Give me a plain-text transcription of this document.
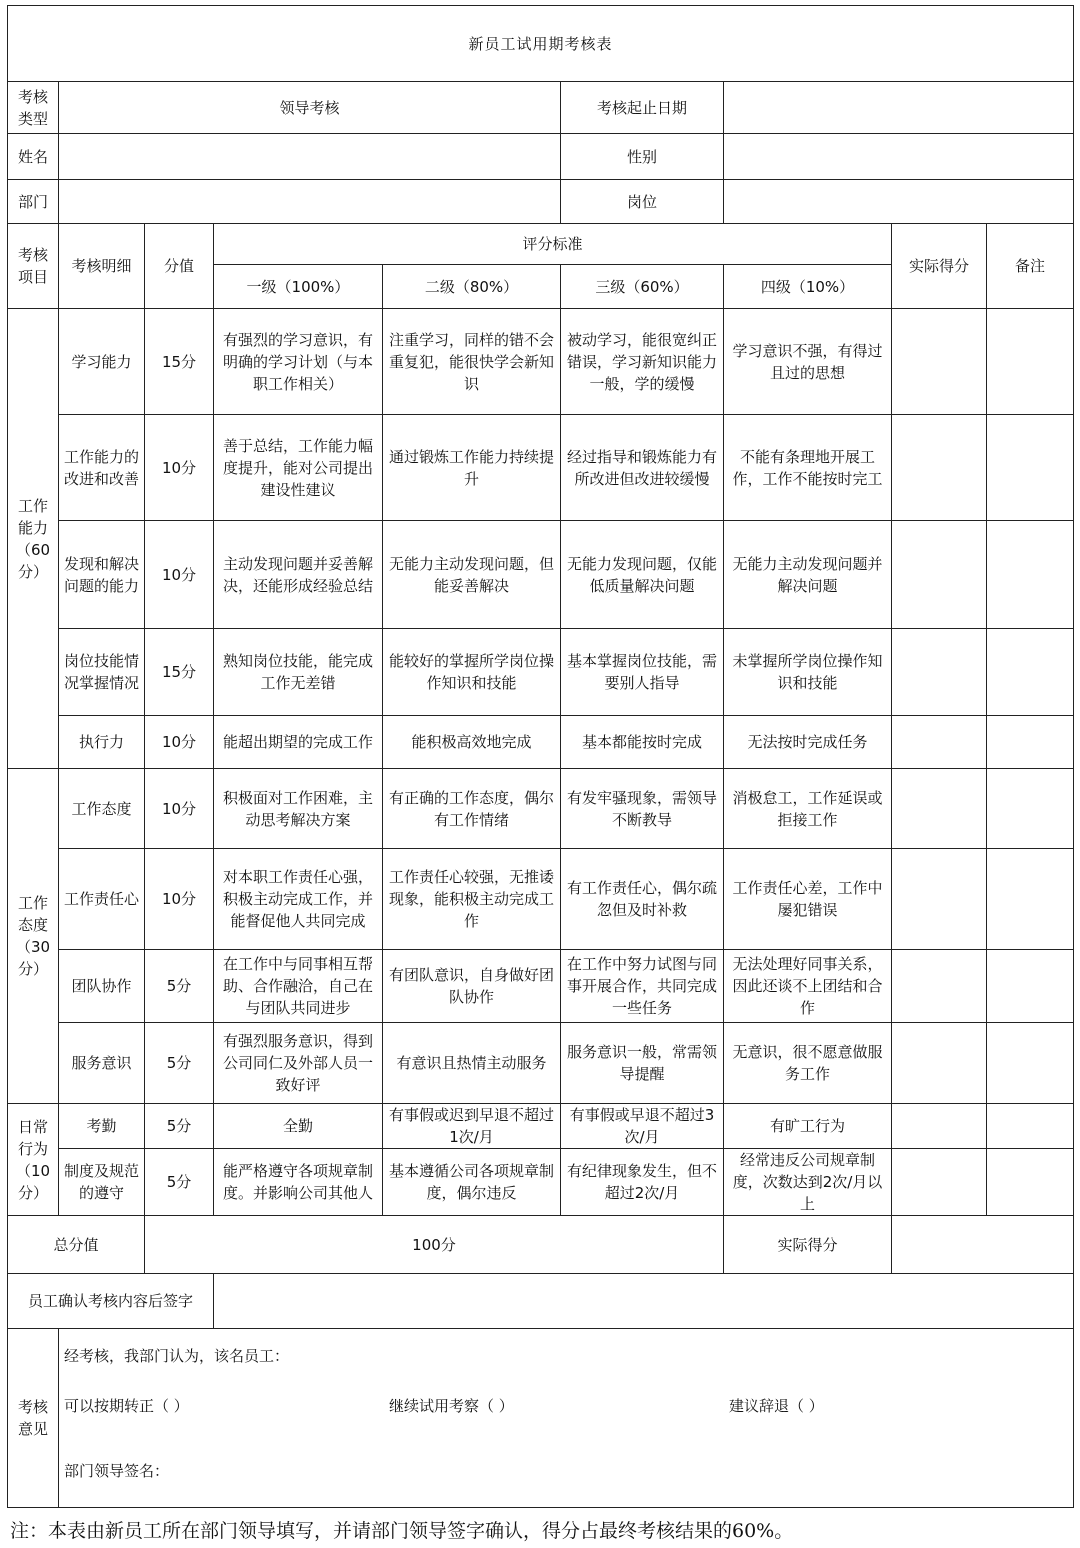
新员工试用期考核表								
考核类型	领导考核				考核起止日期			
姓名					性别			
部门					岗位			
考核项目	考核明细	分值	评分标准				实际得分	备注
			一级（100%）	二级（80%）	三级（60%）	四级（10%）		
工作能力（60分）	学习能力	15分	有强烈的学习意识，有明确的学习计划（与本职工作相关）	注重学习，同样的错不会重复犯，能很快学会新知识	被动学习，能很宽纠正错误，学习新知识能力一般，学的缓慢	学习意识不强，有得过且过的思想		
	工作能力的改进和改善	10分	善于总结，工作能力幅度提升，能对公司提出建设性建议	通过锻炼工作能力持续提升	经过指导和锻炼能力有所改进但改进较缓慢	不能有条理地开展工作，工作不能按时完工		
	发现和解决问题的能力	10分	主动发现问题并妥善解决，还能形成经验总结	无能力主动发现问题，但能妥善解决	无能力发现问题，仅能低质量解决问题	无能力主动发现问题并解决问题		
	岗位技能情况掌握情况	15分	熟知岗位技能，能完成工作无差错	能较好的掌握所学岗位操作知识和技能	基本掌握岗位技能，需要别人指导	未掌握所学岗位操作知识和技能		
	执行力	10分	能超出期望的完成工作	能积极高效地完成	基本都能按时完成	无法按时完成任务		
工作态度（30分）	工作态度	10分	积极面对工作困难，主动思考解决方案	有正确的工作态度，偶尔有工作情绪	有发牢骚现象，需领导不断教导	消极怠工，工作延误或拒接工作		
	工作责任心	10分	对本职工作责任心强，积极主动完成工作，并能督促他人共同完成	工作责任心较强，无推诿现象，能积极主动完成工作	有工作责任心，偶尔疏忽但及时补救	工作责任心差，工作中屡犯错误		
	团队协作	5分	在工作中与同事相互帮助、合作融洽，自己在与团队共同进步	有团队意识，自身做好团队协作	在工作中努力试图与同事开展合作，共同完成一些任务	无法处理好同事关系，因此还谈不上团结和合作		
	服务意识	5分	有强烈服务意识，得到公司同仁及外部人员一致好评	有意识且热情主动服务	服务意识一般，常需领导提醒	无意识，很不愿意做服务工作		
日常行为（10分）	考勤	5分	全勤	有事假或迟到早退不超过1次/月	有事假或早退不超过3次/月	有旷工行为		
	制度及规范的遵守	5分	能严格遵守各项规章制度。并影响公司其他人	基本遵循公司各项规章制度，偶尔违反	有纪律现象发生，但不超过2次/月	经常违反公司规章制度，次数达到2次/月以上		
总分值		100分				实际得分		
员工确认考核内容后签字								
考核意见	经考核，我部门认为，该名员工：
可以按期转正（ ） 继续试用考察（ ） 建议辞退（ ）
部门领导签名：							
注：本表由新员工所在部门领导填写，并请部门领导签字确认，得分占最终考核结果的60%。
